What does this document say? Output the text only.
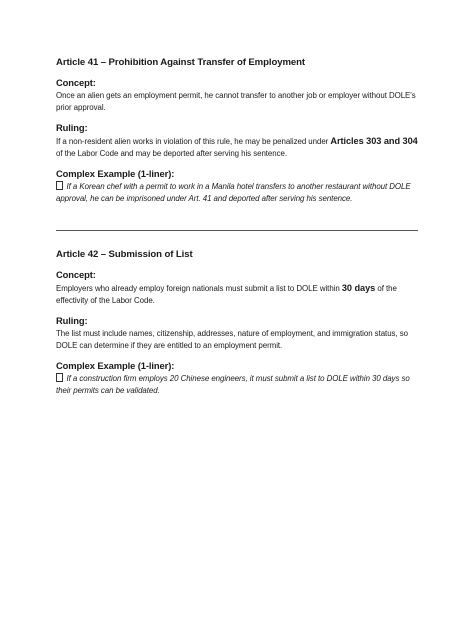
Article 41 – Prohibition Against Transfer of Employment

Concept:

Once an alien gets an employment permit, he cannot transfer to another job or employer without DOLE's prior approval.

Ruling:

If a non-resident alien works in violation of this rule, he may be penalized under Articles 303 and 304 of the Labor Code and may be deported after serving his sentence.

Complex Example (1-liner):

If a Korean chef with a permit to work in a Manila hotel transfers to another restaurant without DOLE approval, he can be imprisoned under Art. 41 and deported after serving his sentence.

Article 42 – Submission of List

Concept:

Employers who already employ foreign nationals must submit a list to DOLE within 30 days of the effectivity of the Labor Code.

Ruling:

The list must include names, citizenship, addresses, nature of employment, and immigration status, so DOLE can determine if they are entitled to an employment permit.

Complex Example (1-liner):

If a construction firm employs 20 Chinese engineers, it must submit a list to DOLE within 30 days so their permits can be validated.
